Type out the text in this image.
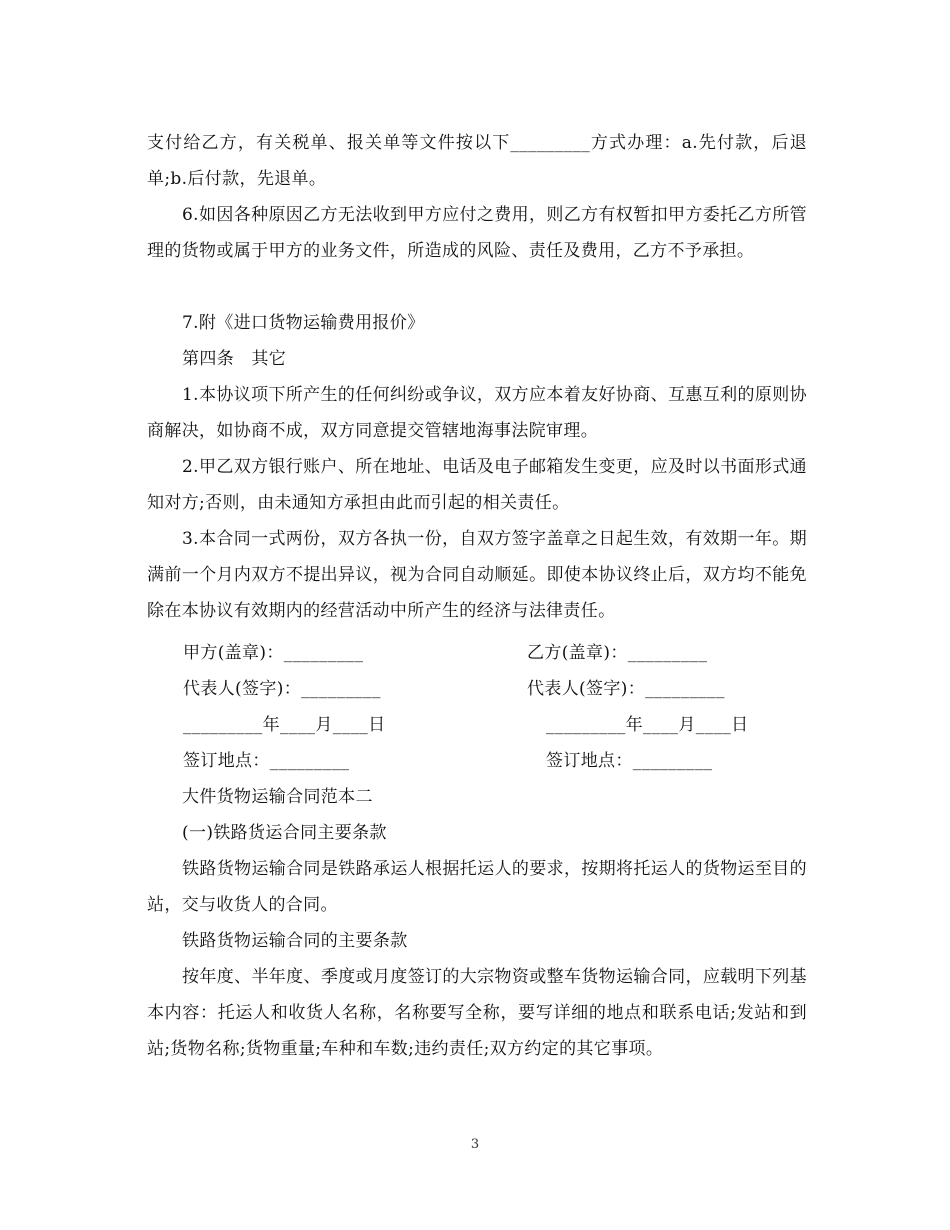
支付给乙方，有关税单、报关单等文件按以下_________方式办理：a.先付款，后退单;b.后付款，先退单。

6.如因各种原因乙方无法收到甲方应付之费用，则乙方有权暂扣甲方委托乙方所管理的货物或属于甲方的业务文件，所造成的风险、责任及费用，乙方不予承担。

7.附《进口货物运输费用报价》

第四条　其它

1.本协议项下所产生的任何纠纷或争议，双方应本着友好协商、互惠互利的原则协商解决，如协商不成，双方同意提交管辖地海事法院审理。

2.甲乙双方银行账户、所在地址、电话及电子邮箱发生变更，应及时以书面形式通知对方;否则，由未通知方承担由此而引起的相关责任。

3.本合同一式两份，双方各执一份，自双方签字盖章之日起生效，有效期一年。期满前一个月内双方不提出异议，视为合同自动顺延。即使本协议终止后，双方均不能免除在本协议有效期内的经营活动中所产生的经济与法律责任。

甲方(盖章)：_________	乙方(盖章)：_________
代表人(签字)：_________	代表人(签字)：_________
_________年____月____日	_________年____月____日
签订地点：_________	签订地点：_________

大件货物运输合同范本二

(一)铁路货运合同主要条款

铁路货物运输合同是铁路承运人根据托运人的要求，按期将托运人的货物运至目的站，交与收货人的合同。

铁路货物运输合同的主要条款

按年度、半年度、季度或月度签订的大宗物资或整车货物运输合同，应载明下列基本内容：托运人和收货人名称，名称要写全称，要写详细的地点和联系电话;发站和到站;货物名称;货物重量;车种和车数;违约责任;双方约定的其它事项。

3
